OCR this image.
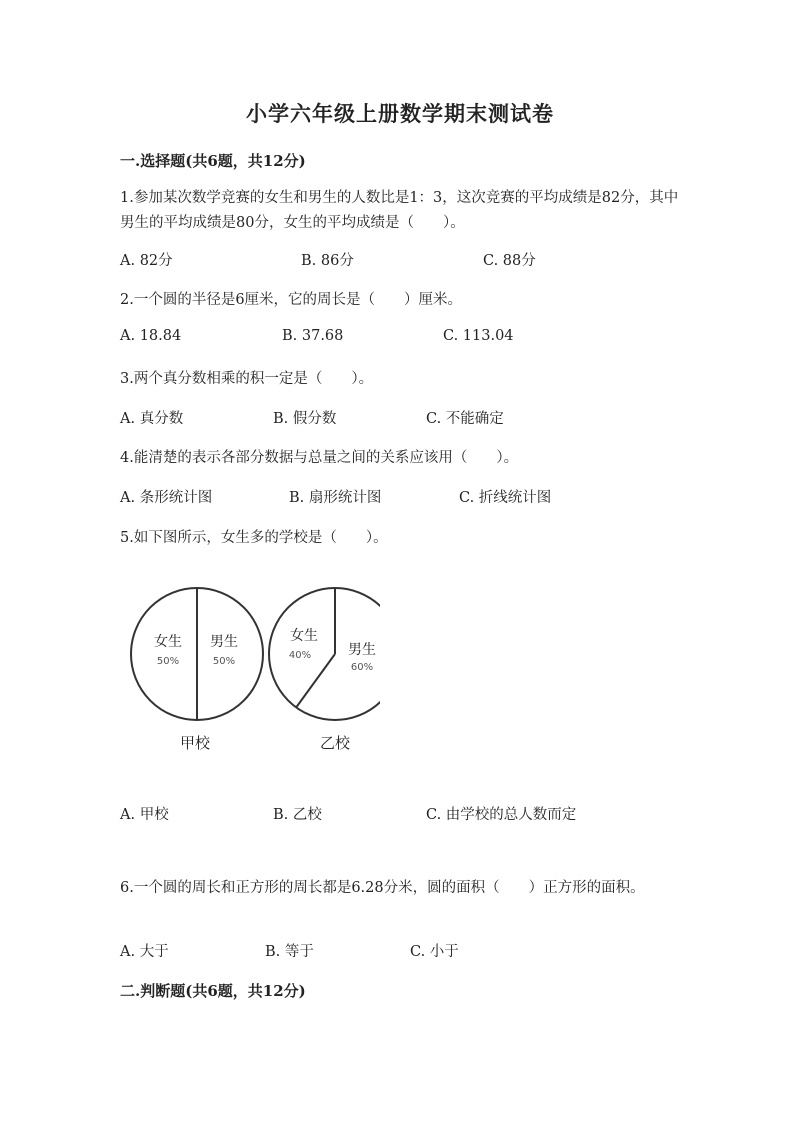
小学六年级上册数学期末测试卷
一.选择题(共6题，共12分)
1.参加某次数学竞赛的女生和男生的人数比是1：3，这次竞赛的平均成绩是82分，其中男生的平均成绩是80分，女生的平均成绩是（　　）。
A. 82分	B. 86分	C. 88分
2.一个圆的半径是6厘米，它的周长是（　　）厘米。
A. 18.84	B. 37.68	C. 113.04
3.两个真分数相乘的积一定是（　　）。
A. 真分数	B. 假分数	C. 不能确定
4.能清楚的表示各部分数据与总量之间的关系应该用（　　）。
A. 条形统计图	B. 扇形统计图	C. 折线统计图
5.如下图所示，女生多的学校是（　　）。
女生
50%
男生
50%
甲校
女生
40%	男生
60%
乙校
A. 甲校	B. 乙校	C. 由学校的总人数而定
6.一个圆的周长和正方形的周长都是6.28分米，圆的面积（　　）正方形的面积。
A. 大于	B. 等于	C. 小于
二.判断题(共6题，共12分)
